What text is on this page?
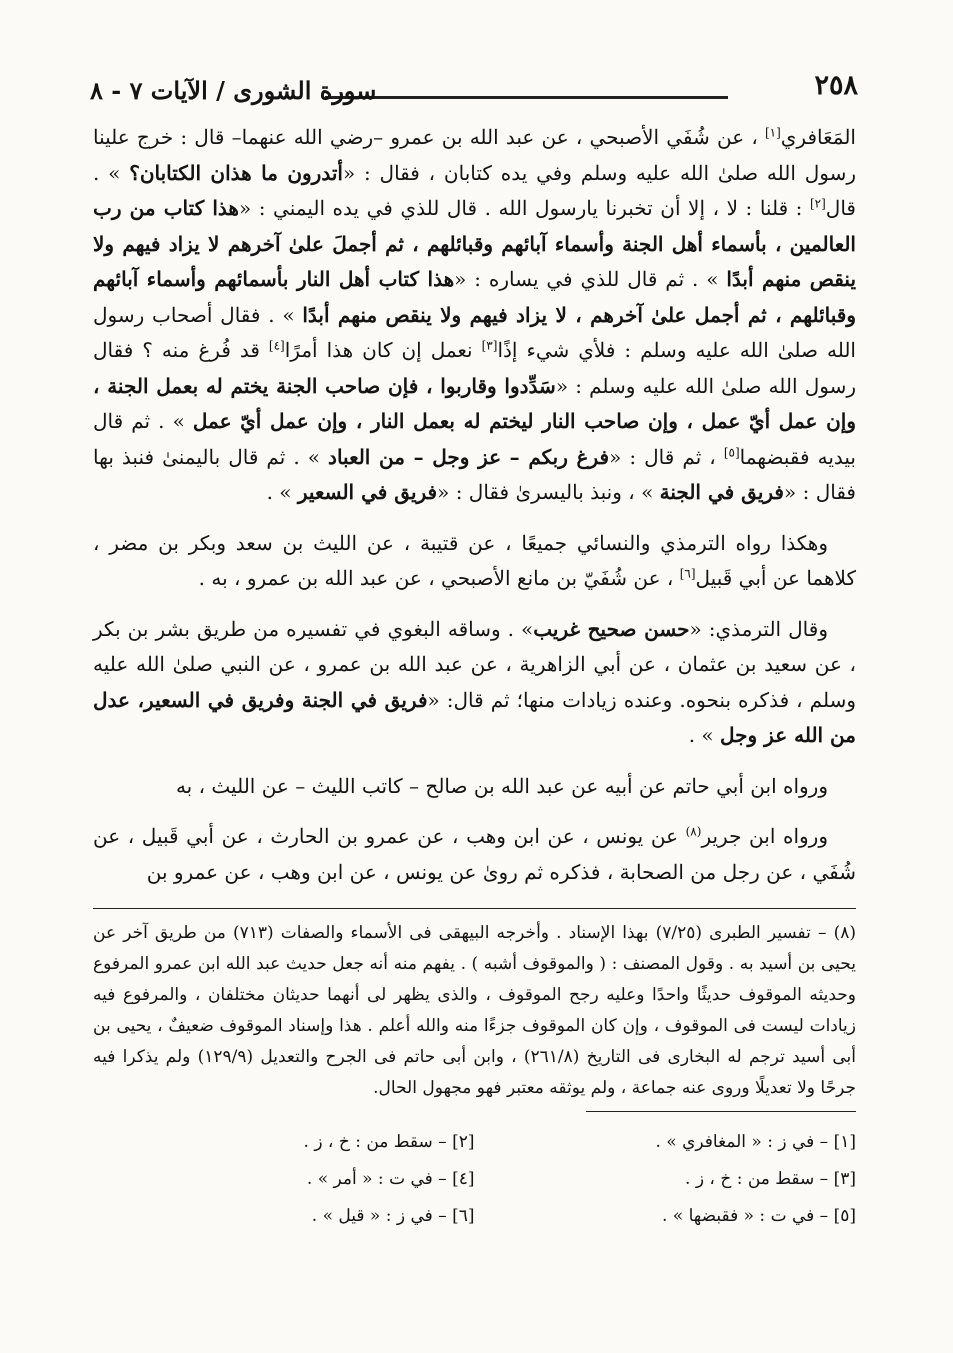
٢٥٨
سورة الشورى / الآيات ٧ - ٨

المَعَافري[١] ، عن شُفَي الأصبحي ، عن عبد الله بن عمرو –رضي الله عنهما– قال : خرج علينا رسول الله صلىٰ الله عليه وسلم وفي يده كتابان ، فقال : «أتدرون ما هذان الكتابان؟ » . قال[٢] : قلنا : لا ، إلا أن تخبرنا يارسول الله . قال للذي في يده اليمني : «هذا كتاب من رب العالمين ، بأسماء أهل الجنة وأسماء آبائهم وقبائلهم ، ثم أجملَ علىٰ آخرهم لا يزاد فيهم ولا ينقص منهم أبدًا » . ثم قال للذي في يساره : «هذا كتاب أهل النار بأسمائهم وأسماء آبائهم وقبائلهم ، ثم أجمل علىٰ آخرهم ، لا يزاد فيهم ولا ينقص منهم أبدًا » . فقال أصحاب رسول الله صلىٰ الله عليه وسلم : فلأي شيء إذًا[٣] نعمل إن كان هذا أمرًا[٤] قد فُرغ منه ؟ فقال رسول الله صلىٰ الله عليه وسلم : «سَدِّدوا وقاربوا ، فإن صاحب الجنة يختم له بعمل الجنة ، وإن عمل أيّ عمل ، وإن صاحب النار ليختم له بعمل النار ، وإن عمل أيّ عمل » . ثم قال بيديه فقبضهما[٥] ، ثم قال : «فرغ ربكم – عز وجل – من العباد » . ثم قال باليمنىٰ فنبذ بها فقال : «فريق في الجنة » ، ونبذ باليسرىٰ فقال : «فريق في السعير » .

وهكذا رواه الترمذي والنسائي جميعًا ، عن قتيبة ، عن الليث بن سعد وبكر بن مضر ، كلاهما عن أبي قَبيل[٦] ، عن شُفَيّ بن مانع الأصبحي ، عن عبد الله بن عمرو ، به .

وقال الترمذي: «حسن صحيح غريب» . وساقه البغوي في تفسيره من طريق بشر بن بكر ، عن سعيد بن عثمان ، عن أبي الزاهرية ، عن عبد الله بن عمرو ، عن النبي صلىٰ الله عليه وسلم ، فذكره بنحوه. وعنده زيادات منها؛ ثم قال: «فريق في الجنة وفريق في السعير، عدل من الله عز وجل » .

ورواه ابن أبي حاتم عن أبيه عن عبد الله بن صالح – كاتب الليث – عن الليث ، به

ورواه ابن جرير$^{(٨)}$ عن يونس ، عن ابن وهب ، عن عمرو بن الحارث ، عن أبي قَبيل ، عن شُفَي ، عن رجل من الصحابة ، فذكره ثم روىٰ عن يونس ، عن ابن وهب ، عن عمرو بن

(٨) – تفسير الطبرى (٧/٢٥) بهذا الإسناد . وأخرجه البيهقى فى الأسماء والصفات (٧١٣) من طريق آخر عن يحيى بن أسيد به . وقول المصنف : ( والموقوف أشبه ) . يفهم منه أنه جعل حديث عبد الله ابن عمرو المرفوع وحديثه الموقوف حديثًا واحدًا وعليه رجح الموقوف ، والذى يظهر لى أنهما حديثان مختلفان ، والمرفوع فيه زيادات ليست فى الموقوف ، وإن كان الموقوف جزءًا منه والله أعلم . هذا وإسناد الموقوف ضعيفٌ ، يحيى بن أبى أسيد ترجم له البخارى فى التاريخ (٢٦١/٨) ، وابن أبى حاتم فى الجرح والتعديل (١٢٩/٩) ولم يذكرا فيه جرحًا ولا تعديلًا وروى عنه جماعة ، ولم يوثقه معتبر فهو مجهول الحال.

[١] – في ز : « المغافري » .
[٢] – سقط من : خ ، ز .
[٣] – سقط من : خ ، ز .
[٤] – في ت : « أمر » .
[٥] – في ت : « فقبضها » .
[٦] – في ز : « قيل » .
